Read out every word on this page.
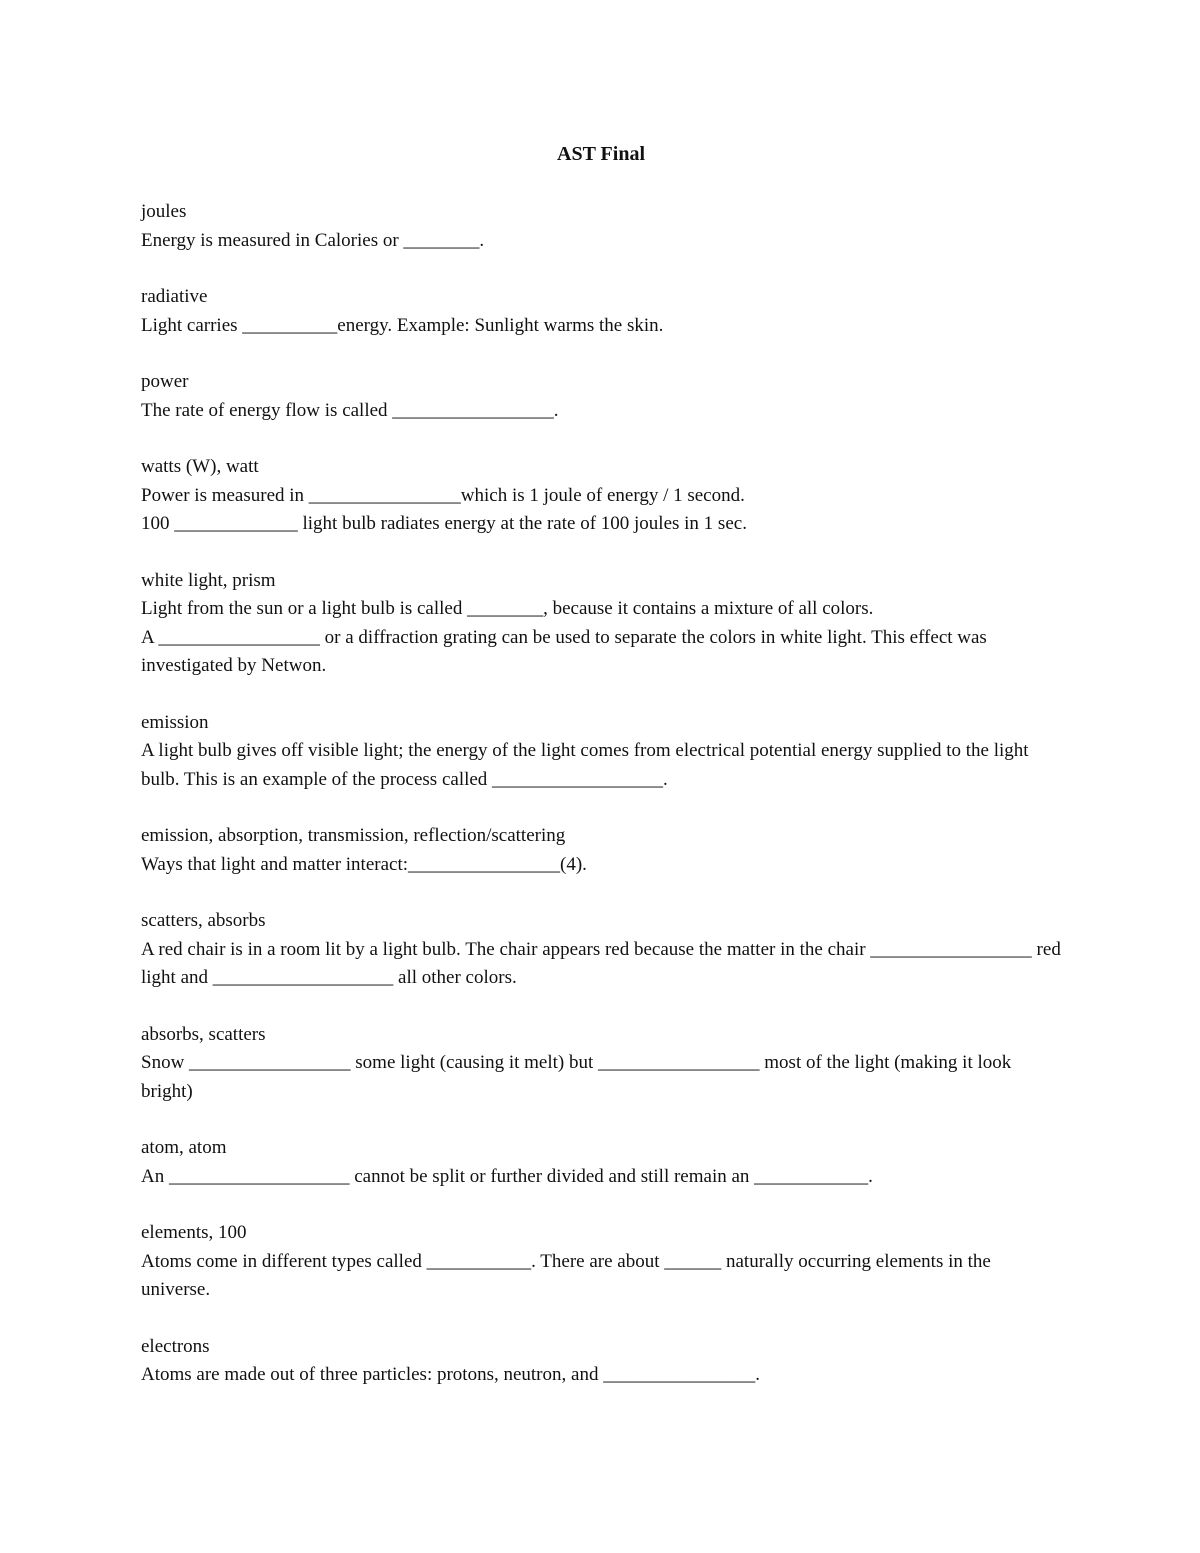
AST Final

joules

Energy is measured in Calories or ________.

radiative

Light carries __________energy. Example: Sunlight warms the skin.

power

The rate of energy flow is called _________________.

watts (W), watt

Power is measured in ________________which is 1 joule of energy / 1 second.
100 _____________ light bulb radiates energy at the rate of 100 joules in 1 sec.

white light, prism

Light from the sun or a light bulb is called ________, because it contains a mixture of all colors.
A _________________ or a diffraction grating can be used to separate the colors in white light. This effect was investigated by Netwon.

emission

A light bulb gives off visible light; the energy of the light comes from electrical potential energy supplied to the light bulb. This is an example of the process called __________________.

emission, absorption, transmission, reflection/scattering

Ways that light and matter interact:________________(4).

scatters, absorbs

A red chair is in a room lit by a light bulb. The chair appears red because the matter in the chair _________________ red light and ___________________ all other colors.

absorbs, scatters

Snow _________________ some light (causing it melt) but _________________ most of the light (making it look bright)

atom, atom

An ___________________ cannot be split or further divided and still remain an ____________.

elements, 100

Atoms come in different types called ___________. There are about ______ naturally occurring elements in the universe.

electrons

Atoms are made out of three particles: protons, neutron, and ________________.
